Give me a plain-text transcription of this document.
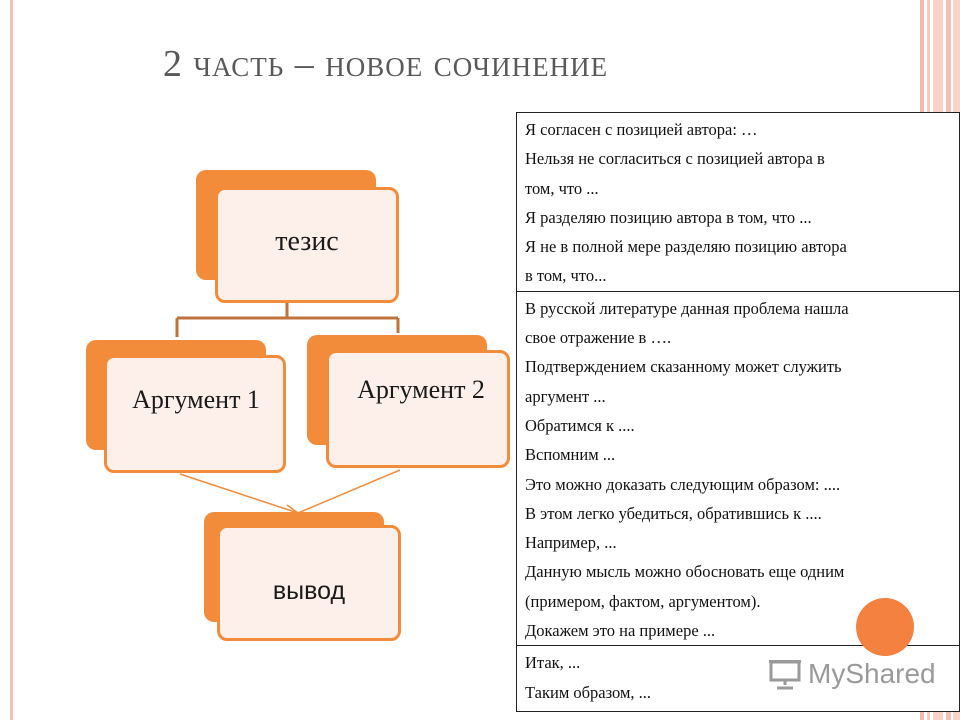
2 часть – новое сочинение
тезис
Аргумент 1	Аргумент 2
вывод
Я согласен с позицией автора: …
Нельзя не согласиться с позицией автора в
том, что ...
Я разделяю позицию автора в том, что ...
Я не в полной мере разделяю позицию автора
в том, что...

В русской литературе данная проблема нашла
свое отражение в ….
Подтверждением сказанному может служить
аргумент ...
Обратимся к ....
Вспомним ...
Это можно доказать следующим образом: ....
В этом легко убедиться, обратившись к ....
Например, ...
Данную мысль можно обосновать еще одним
(примером, фактом, аргументом).
Докажем это на примере ...

Итак, ...
Таким образом, ...
MyShared
